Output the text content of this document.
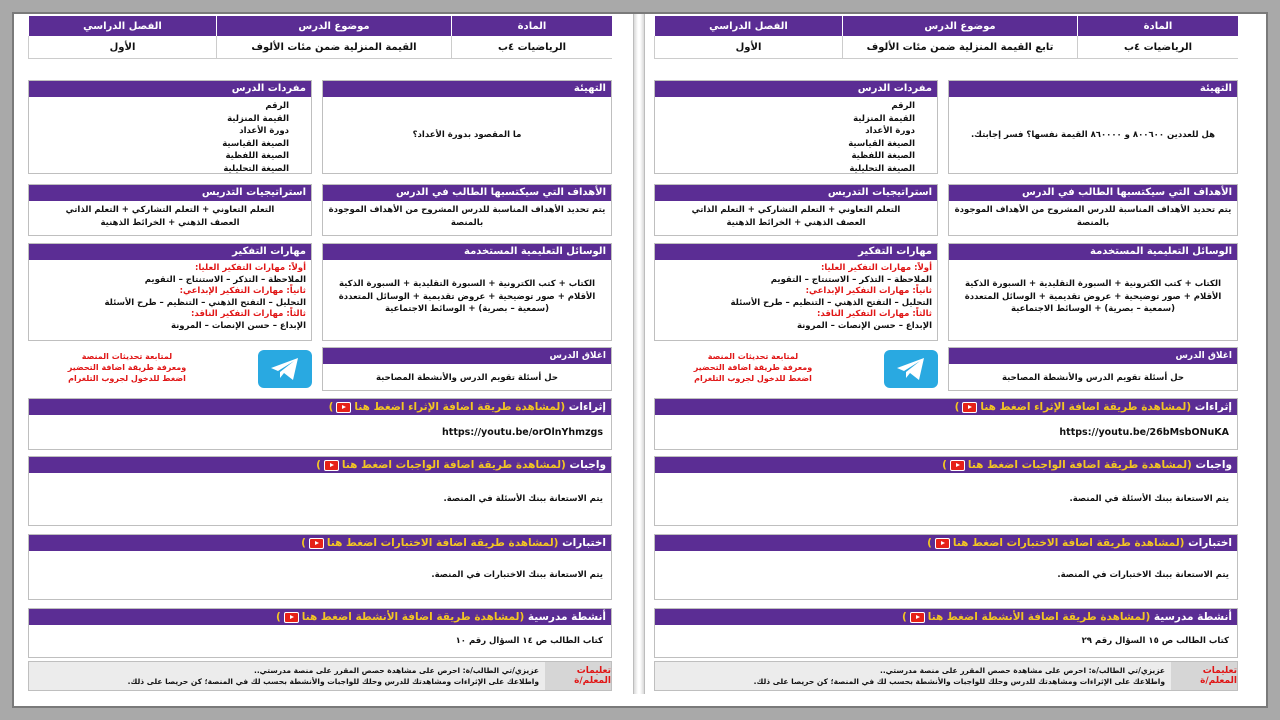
المادة
موضوع الدرس
الفصل الدراسي
الرياضيات ٤ب
تابع القيمة المنزلية ضمن مئات الألوف
الأول
التهيئة
هل للعددين ٨٠٠٦٠٠ و ٨٦٠٠٠٠ القيمة نفسها؟ فسر إجابتك.
مفردات الدرس
الرقم
القيمة المنزلية
دورة الأعداد
الصيغة القياسية
الصيغة اللفظية
الصيغة التحليلية
الأهداف التي سيكتسبها الطالب في الدرس
يتم تحديد الأهداف المناسبة للدرس المشروح من الأهداف الموجودة
بالمنصة
استراتيجيات التدريس
التعلم التعاوني + التعلم التشاركي + التعلم الذاتي
العصف الذهني + الخرائط الذهنية
الوسائل التعليمية المستخدمة
الكتاب + كتب الكترونية + السبورة التقليدية + السبورة الذكية
الأقلام + صور توضيحية + عروض تقديمية + الوسائل المتعددة
(سمعية – بصرية) + الوسائط الاجتماعية
مهارات التفكير
أولاً: مهارات التفكير العليا:
الملاحظة – التذكر – الاستنتاج – التقويم
ثانياً: مهارات التفكير الإبداعي:
التحليل – التفتح الذهني – التنظيم – طرح الأسئلة
ثالثاً: مهارات التفكير الناقد:
الإبداع – حسن الإنصات – المرونة
اغلاق الدرس
حل أسئلة تقويم الدرس والأنشطة المصاحبة
لمتابعة تحديثات المنصة
ومعرفة طريقة اضافة التحضير
اضغط للدخول لجروب التلغرام
إثراءات (لمشاهدة طريقة اضافة الإثراء اضغط هنا)
https://youtu.be/26bMsbONuKA
واجبات (لمشاهدة طريقة اضافة الواجبات اضغط هنا)
يتم الاستعانة ببنك الأسئلة في المنصة.
اختبارات (لمشاهدة طريقة اضافة الاختبارات اضغط هنا)
يتم الاستعانة ببنك الاختبارات في المنصة.
أنشطة مدرسية (لمشاهدة طريقة اضافة الأنشطة اضغط هنا)
كتاب الطالب ص ١٥ السؤال رقم ٢٩
تعليمات المعلم/ة
عزيزي/تي الطالب/ة: احرص على مشاهدة حصص المقرر على منصة مدرستي..
واطلاعك على الإثراءات ومشاهدتك للدرس وحلك للواجبات والأنشطة بحسب لك في المنصة؛ كن حريصا على ذلك.
المادة
موضوع الدرس
الفصل الدراسي
الرياضيات ٤ب
القيمة المنزلية ضمن مئات الألوف
الأول
التهيئة
ما المقصود بدورة الأعداد؟
مفردات الدرس
الرقم
القيمة المنزلية
دورة الأعداد
الصيغة القياسية
الصيغة اللفظية
الصيغة التحليلية
الأهداف التي سيكتسبها الطالب في الدرس
يتم تحديد الأهداف المناسبة للدرس المشروح من الأهداف الموجودة
بالمنصة
استراتيجيات التدريس
التعلم التعاوني + التعلم التشاركي + التعلم الذاتي
العصف الذهني + الخرائط الذهنية
الوسائل التعليمية المستخدمة
الكتاب + كتب الكترونية + السبورة التقليدية + السبورة الذكية
الأقلام + صور توضيحية + عروض تقديمية + الوسائل المتعددة
(سمعية – بصرية) + الوسائط الاجتماعية
مهارات التفكير
أولاً: مهارات التفكير العليا:
الملاحظة – التذكر – الاستنتاج – التقويم
ثانياً: مهارات التفكير الإبداعي:
التحليل – التفتح الذهني – التنظيم – طرح الأسئلة
ثالثاً: مهارات التفكير الناقد:
الإبداع – حسن الإنصات – المرونة
اغلاق الدرس
حل أسئلة تقويم الدرس والأنشطة المصاحبة
لمتابعة تحديثات المنصة
ومعرفة طريقة اضافة التحضير
اضغط للدخول لجروب التلغرام
إثراءات (لمشاهدة طريقة اضافة الإثراء اضغط هنا)
https://youtu.be/orOlnYhmzgs
واجبات (لمشاهدة طريقة اضافة الواجبات اضغط هنا)
يتم الاستعانة ببنك الأسئلة في المنصة.
اختبارات (لمشاهدة طريقة اضافة الاختبارات اضغط هنا)
يتم الاستعانة ببنك الاختبارات في المنصة.
أنشطة مدرسية (لمشاهدة طريقة اضافة الأنشطة اضغط هنا)
كتاب الطالب ص ١٤ السؤال رقم ١٠
تعليمات المعلم/ة
عزيزي/تي الطالب/ة: احرص على مشاهدة حصص المقرر على منصة مدرستي..
واطلاعك على الإثراءات ومشاهدتك للدرس وحلك للواجبات والأنشطة بحسب لك في المنصة؛ كن حريصا على ذلك.
